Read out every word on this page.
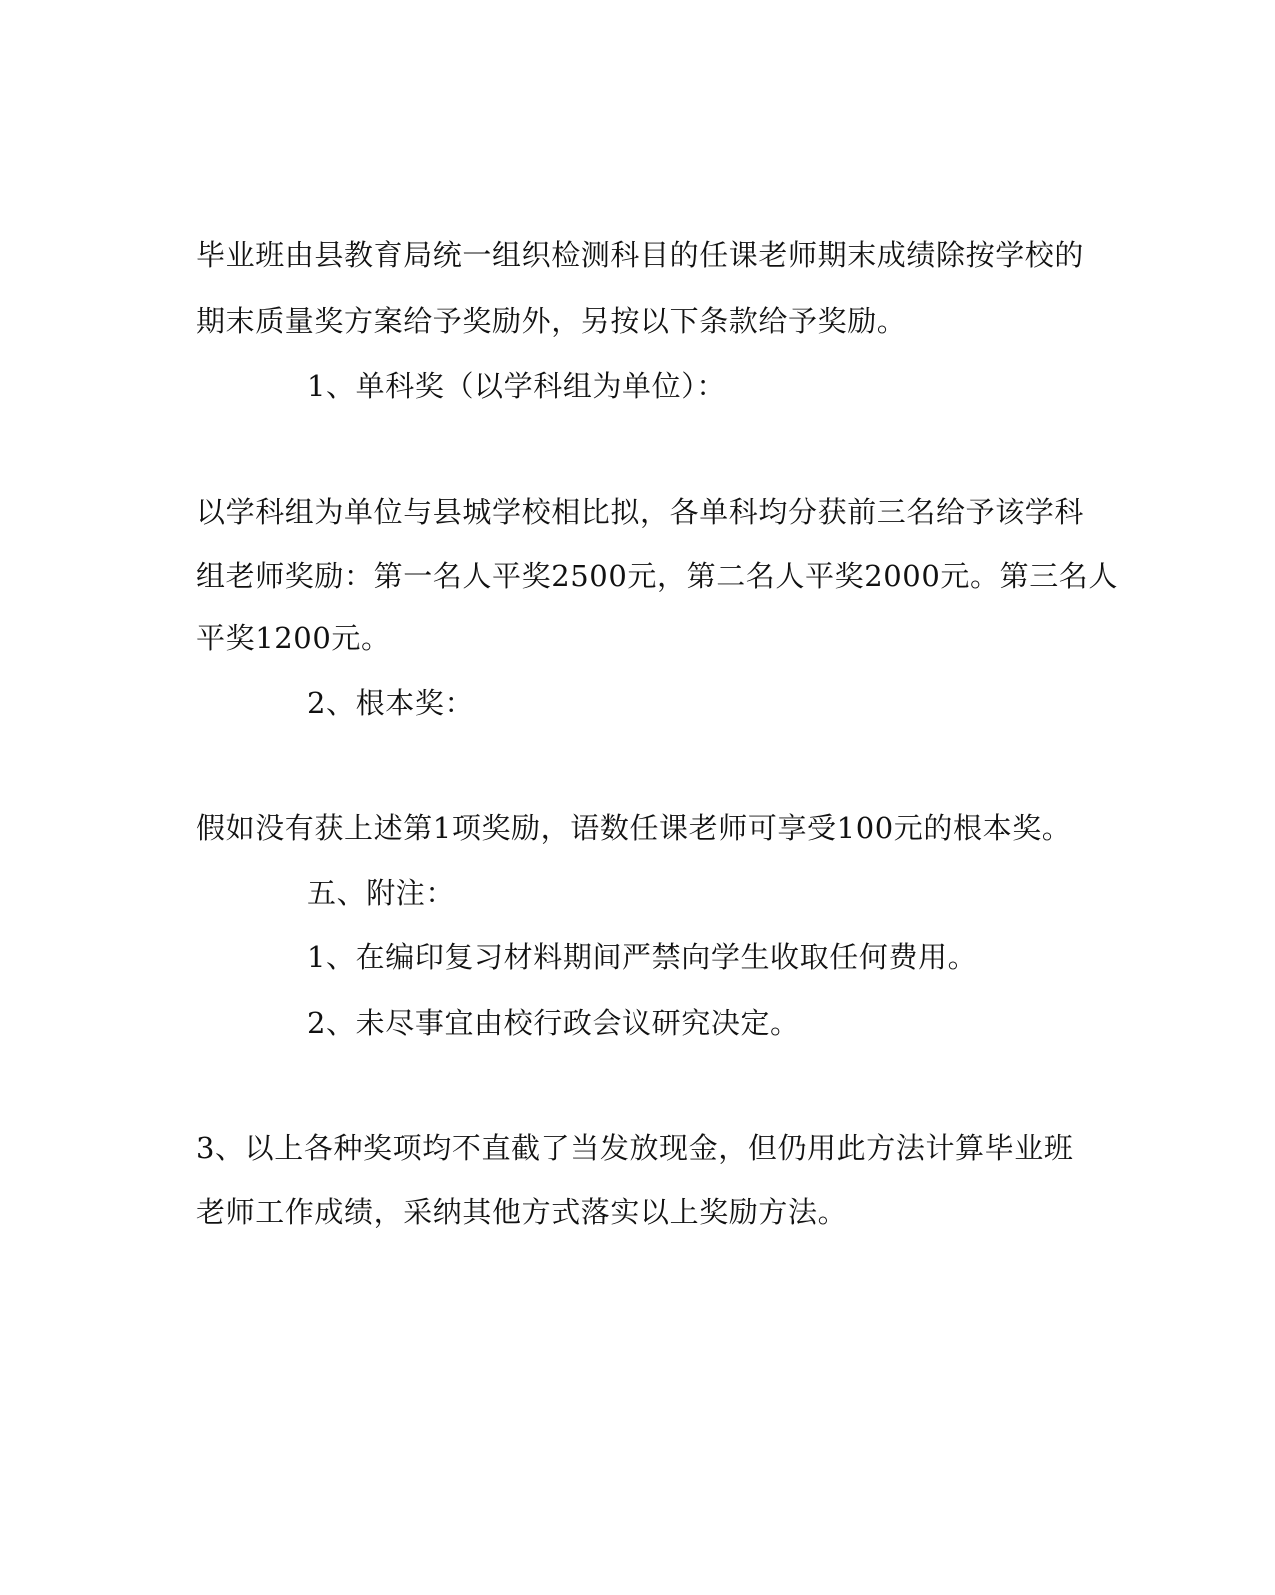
毕业班由县教育局统一组织检测科目的任课老师期末成绩除按学校的
期末质量奖方案给予奖励外，另按以下条款给予奖励。
1、单科奖（以学科组为单位）：
以学科组为单位与县城学校相比拟，各单科均分获前三名给予该学科
组老师奖励：第一名人平奖2500元，第二名人平奖2000元。第三名人
平奖1200元。
2、根本奖：
假如没有获上述第1项奖励，语数任课老师可享受100元的根本奖。
五、附注：
1、在编印复习材料期间严禁向学生收取任何费用。
2、未尽事宜由校行政会议研究决定。
3、以上各种奖项均不直截了当发放现金，但仍用此方法计算毕业班
老师工作成绩，采纳其他方式落实以上奖励方法。
